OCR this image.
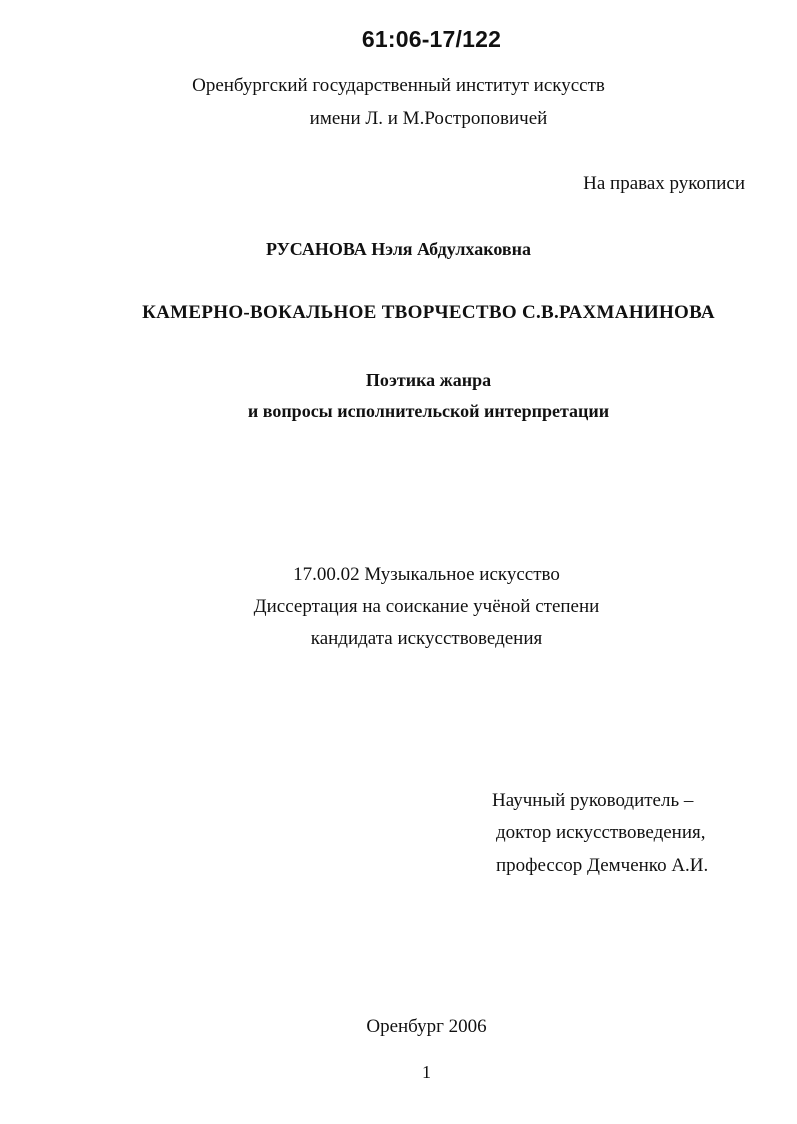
61:06-17/122
Оренбургский государственный институт искусств
имени Л. и М.Ростроповичей
На правах рукописи
РУСАНОВА Нэля Абдулхаковна
КАМЕРНО-ВОКАЛЬНОЕ ТВОРЧЕСТВО С.В.РАХМАНИНОВА
Поэтика жанра
и вопросы исполнительской интерпретации
17.00.02 Музыкальное искусство
Диссертация на соискание учёной степени
кандидата искусствоведения
Научный руководитель –
доктор искусствоведения,
профессор Демченко А.И.
Оренбург 2006
1
